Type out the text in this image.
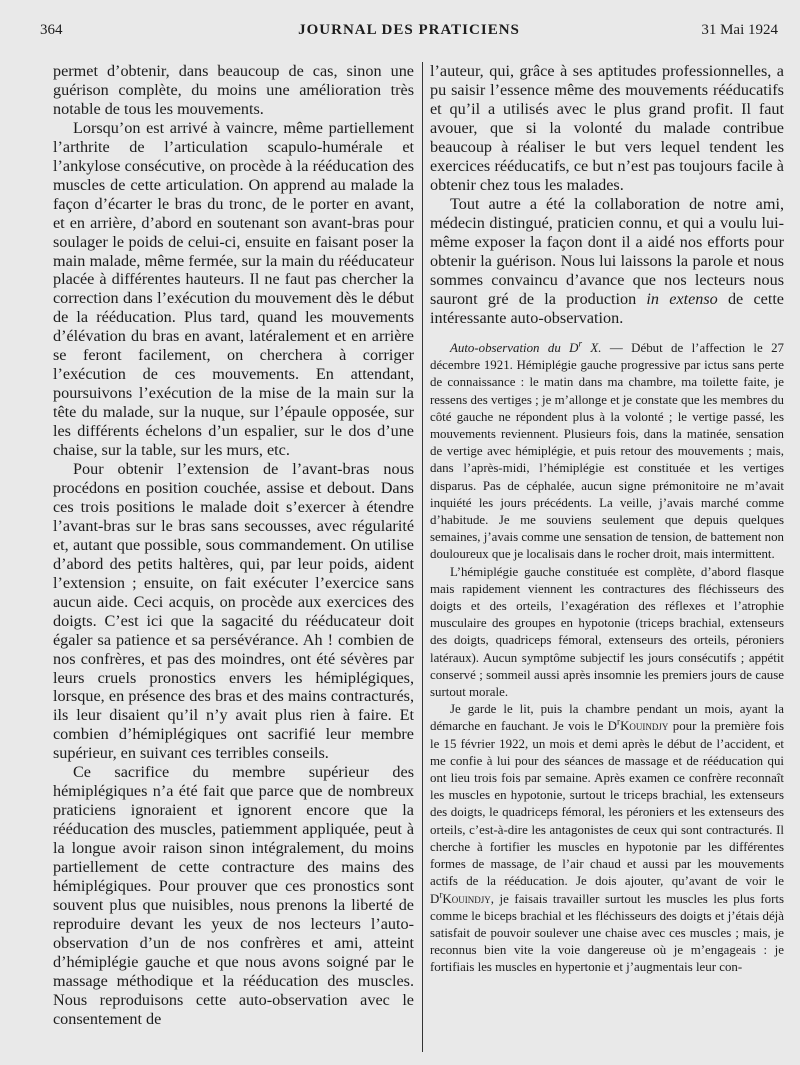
364	JOURNAL DES PRATICIENS	31 Mai 1924

permet d’obtenir, dans beaucoup de cas, sinon une guérison complète, du moins une amélioration très notable de tous les mouvements.

Lorsqu’on est arrivé à vaincre, même partiellement l’arthrite de l’articulation scapulo-humérale et l’ankylose consécutive, on procède à la rééducation des muscles de cette articulation. On apprend au malade la façon d’écarter le bras du tronc, de le porter en avant, et en arrière, d’abord en soutenant son avant-bras pour soulager le poids de celui-ci, ensuite en faisant poser la main malade, même fermée, sur la main du rééducateur placée à différentes hauteurs. Il ne faut pas chercher la correction dans l’exécution du mouvement dès le début de la rééducation. Plus tard, quand les mouvements d’élévation du bras en avant, latéralement et en arrière se feront facilement, on cherchera à corriger l’exécution de ces mouvements. En attendant, poursuivons l’exécution de la mise de la main sur la tête du malade, sur la nuque, sur l’épaule opposée, sur les différents échelons d’un espalier, sur le dos d’une chaise, sur la table, sur les murs, etc.

Pour obtenir l’extension de l’avant-bras nous procédons en position couchée, assise et debout. Dans ces trois positions le malade doit s’exercer à étendre l’avant-bras sur le bras sans secousses, avec régularité et, autant que possible, sous commandement. On utilise d’abord des petits haltères, qui, par leur poids, aident l’extension ; ensuite, on fait exécuter l’exercice sans aucun aide. Ceci acquis, on procède aux exercices des doigts. C’est ici que la sagacité du rééducateur doit égaler sa patience et sa persévérance. Ah ! combien de nos confrères, et pas des moindres, ont été sévères par leurs cruels pronostics envers les hémiplégiques, lorsque, en présence des bras et des mains contracturés, ils leur disaient qu’il n’y avait plus rien à faire. Et combien d’hémiplégiques ont sacrifié leur membre supérieur, en suivant ces terribles conseils.

Ce sacrifice du membre supérieur des hémiplégiques n’a été fait que parce que de nombreux praticiens ignoraient et ignorent encore que la rééducation des muscles, patiemment appliquée, peut à la longue avoir raison sinon intégralement, du moins partiellement de cette contracture des mains des hémiplégiques. Pour prouver que ces pronostics sont souvent plus que nuisibles, nous prenons la liberté de reproduire devant les yeux de nos lecteurs l’auto-observation d’un de nos confrères et ami, atteint d’hémiplégie gauche et que nous avons soigné par le massage méthodique et la rééducation des muscles. Nous reproduisons cette auto-observation avec le consentement de

l’auteur, qui, grâce à ses aptitudes professionnelles, a pu saisir l’essence même des mouvements rééducatifs et qu’il a utilisés avec le plus grand profit. Il faut avouer, que si la volonté du malade contribue beaucoup à réaliser le but vers lequel tendent les exercices rééducatifs, ce but n’est pas toujours facile à obtenir chez tous les malades.

Tout autre a été la collaboration de notre ami, médecin distingué, praticien connu, et qui a voulu lui-même exposer la façon dont il a aidé nos efforts pour obtenir la guérison. Nous lui laissons la parole et nous sommes convaincu d’avance que nos lecteurs nous sauront gré de la production in extenso de cette intéressante auto-observation.

Auto-observation du $D^r$ X. — Début de l’affection le 27 décembre 1921. Hémiplégie gauche progressive par ictus sans perte de connaissance : le matin dans ma chambre, ma toilette faite, je ressens des vertiges ; je m’allonge et je constate que les membres du côté gauche ne répondent plus à la volonté ; le vertige passé, les mouvements reviennent. Plusieurs fois, dans la matinée, sensation de vertige avec hémiplégie, et puis retour des mouvements ; mais, dans l’après-midi, l’hémiplégie est constituée et les vertiges disparus. Pas de céphalée, aucun signe prémonitoire ne m’avait inquiété les jours précédents. La veille, j’avais marché comme d’habitude. Je me souviens seulement que depuis quelques semaines, j’avais comme une sensation de tension, de battement non douloureux que je localisais dans le rocher droit, mais intermittent.

L’hémiplégie gauche constituée est complète, d’abord flasque mais rapidement viennent les contractures des fléchisseurs des doigts et des orteils, l’exagération des réflexes et l’atrophie musculaire des groupes en hypotonie (triceps brachial, extenseurs des doigts, quadriceps fémoral, extenseurs des orteils, péroniers latéraux). Aucun symptôme subjectif les jours consécutifs ; appétit conservé ; sommeil aussi après insomnie les premiers jours de cause surtout morale.

Je garde le lit, puis la chambre pendant un mois, ayant la démarche en fauchant. Je vois le $D^rKouindjy$ pour la première fois le 15 février 1922, un mois et demi après le début de l’accident, et me confie à lui pour des séances de massage et de rééducation qui ont lieu trois fois par semaine. Après examen ce confrère reconnaît les muscles en hypotonie, surtout le triceps brachial, les extenseurs des doigts, le quadriceps fémoral, les péroniers et les extenseurs des orteils, c’est-à-dire les antagonistes de ceux qui sont contracturés. Il cherche à fortifier les muscles en hypotonie par les différentes formes de massage, de l’air chaud et aussi par les mouvements actifs de la rééducation. Je dois ajouter, qu’avant de voir le $D^rKouindjy$, je faisais travailler surtout les muscles les plus forts comme le biceps brachial et les fléchisseurs des doigts et j’étais déjà satisfait de pouvoir soulever une chaise avec ces muscles ; mais, je reconnus bien vite la voie dangereuse où je m’engageais : je fortifiais les muscles en hypertonie et j’augmentais leur con-
